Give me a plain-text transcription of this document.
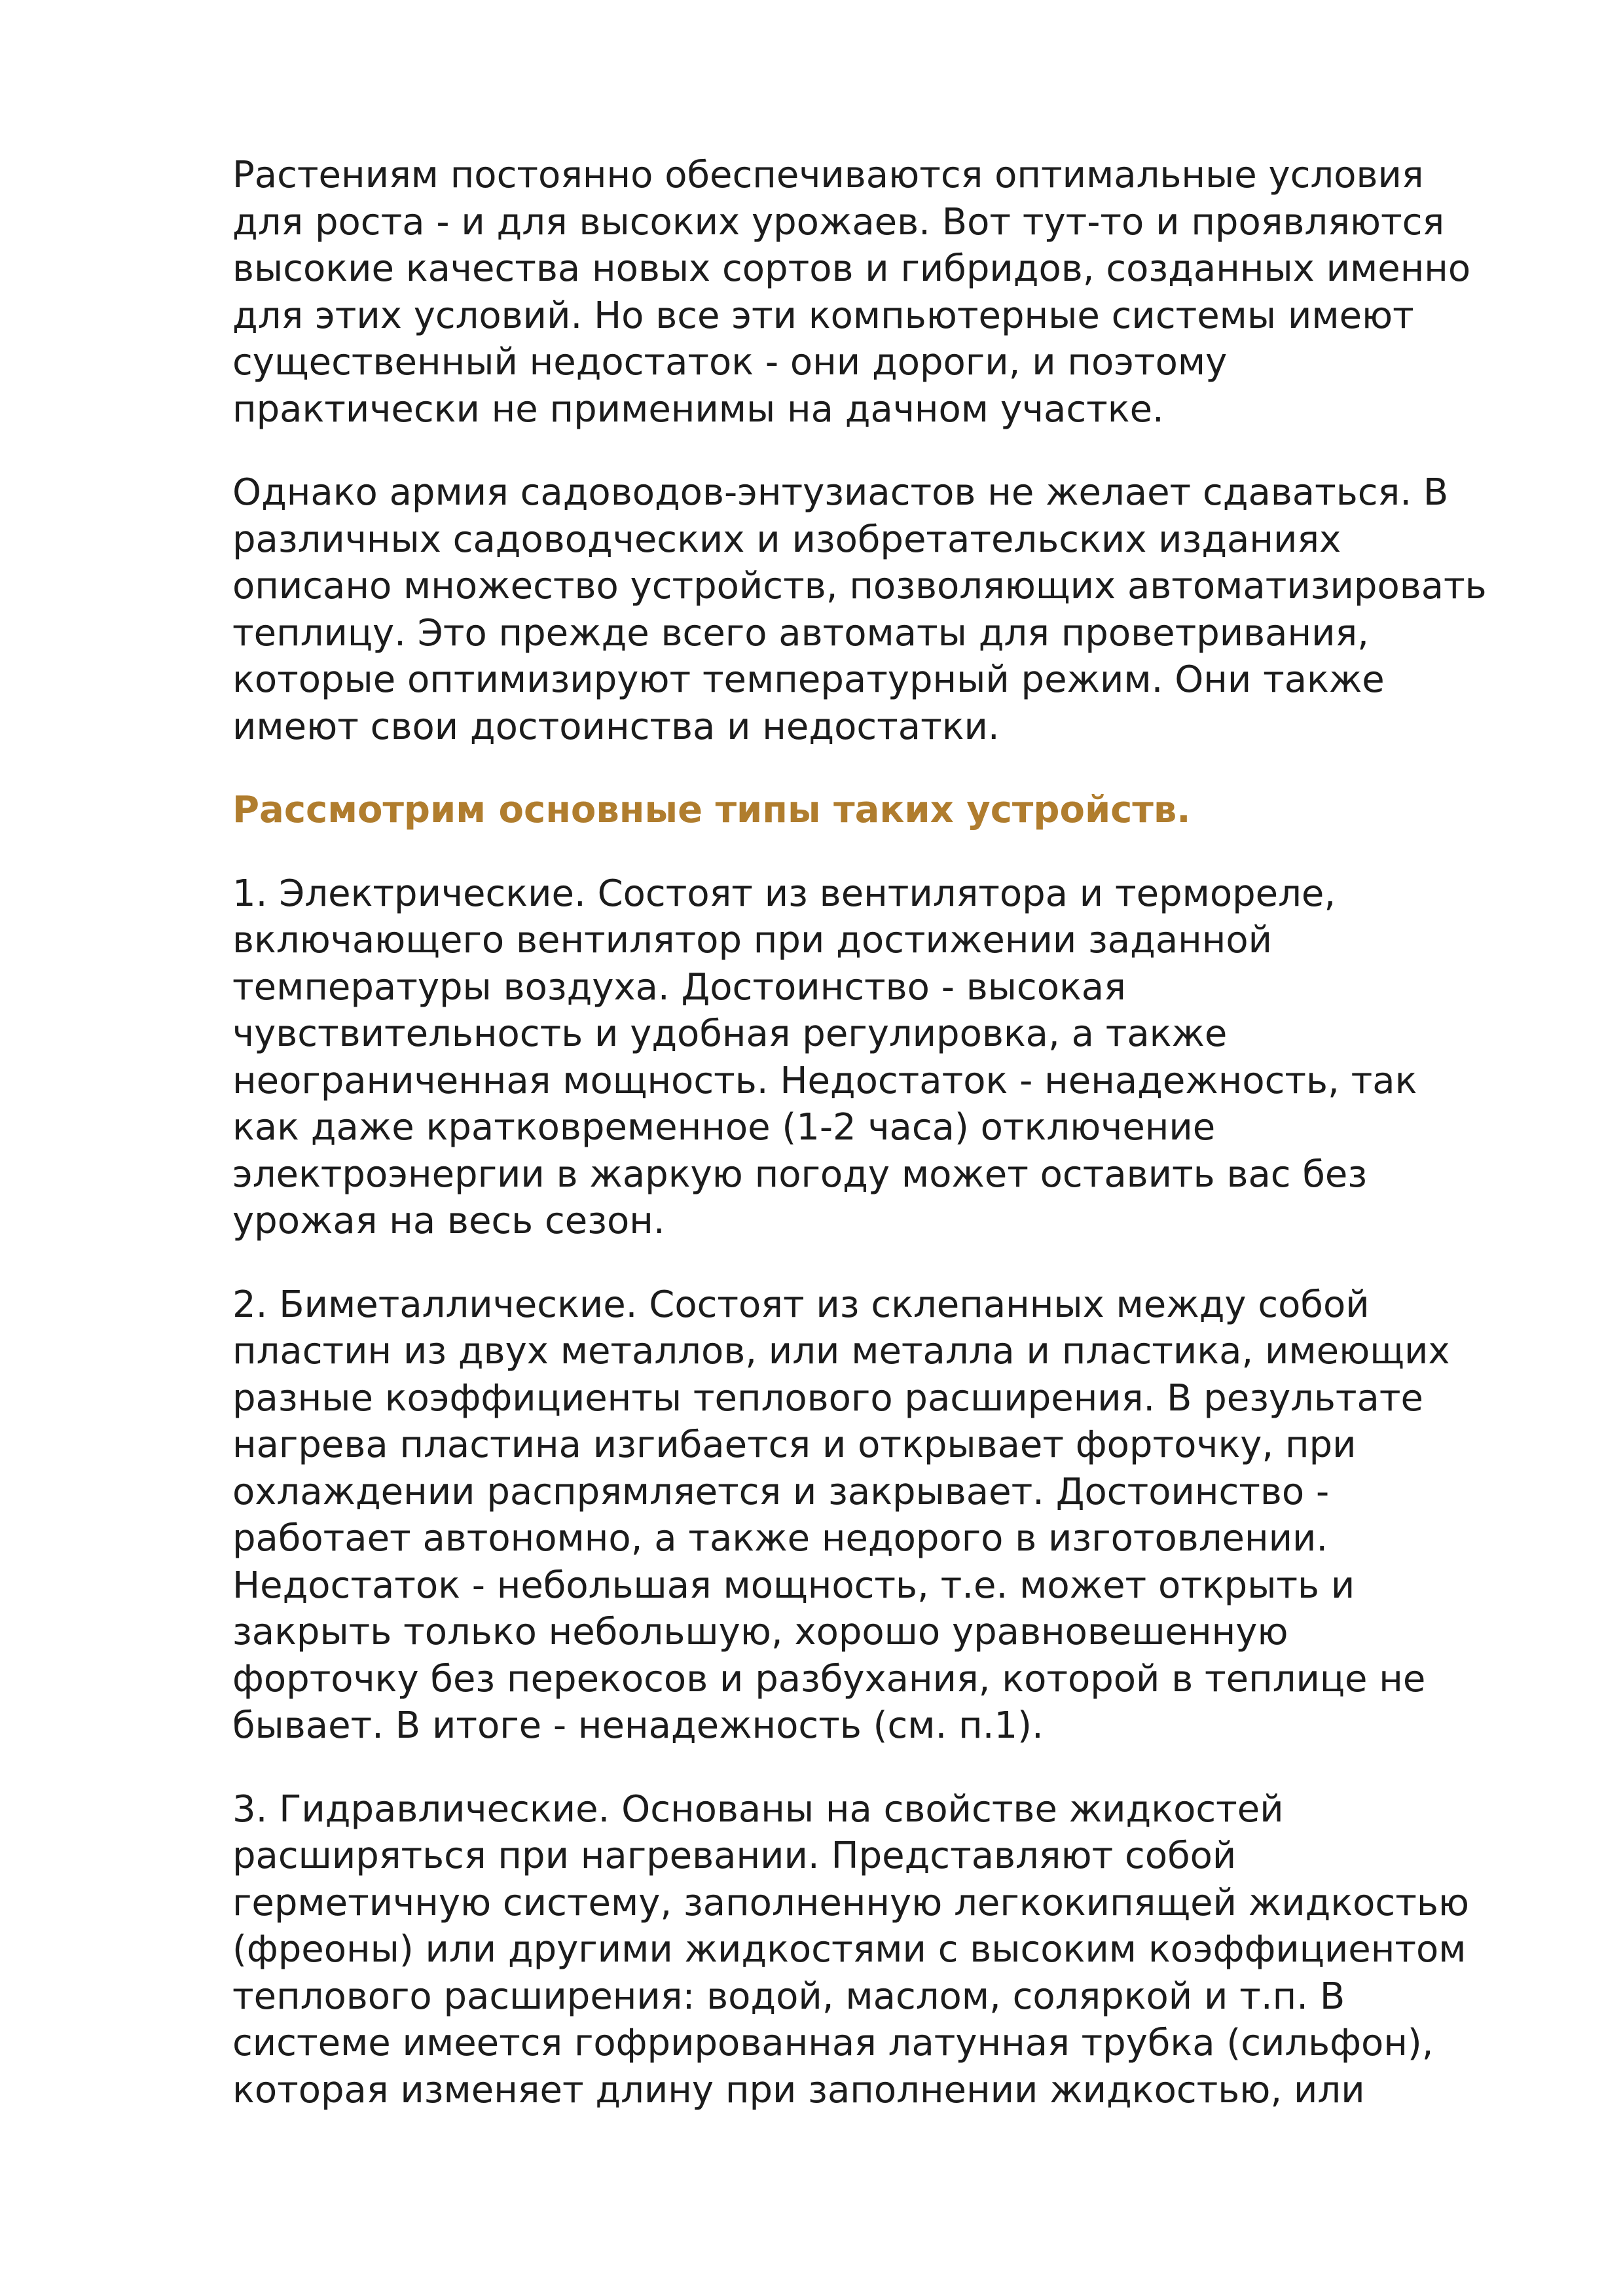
Растениям постоянно обеспечиваются оптимальные условия
для роста - и для высоких урожаев. Вот тут-то и проявляются
высокие качества новых сортов и гибридов, созданных именно
для этих условий. Но все эти компьютерные системы имеют
существенный недостаток - они дороги, и поэтому
практически не применимы на дачном участке.
Однако армия садоводов-энтузиастов не желает сдаваться. В
различных садоводческих и изобретательских изданиях
описано множество устройств, позволяющих автоматизировать
теплицу. Это прежде всего автоматы для проветривания,
которые оптимизируют температурный режим. Они также
имеют свои достоинства и недостатки.
Рассмотрим основные типы таких устройств.
1. Электрические. Состоят из вентилятора и термореле,
включающего вентилятор при достижении заданной
температуры воздуха. Достоинство - высокая
чувствительность и удобная регулировка, а также
неограниченная мощность. Недостаток - ненадежность, так
как даже кратковременное (1-2 часа) отключение
электроэнергии в жаркую погоду может оставить вас без
урожая на весь сезон.
2. Биметаллические. Состоят из склепанных между собой
пластин из двух металлов, или металла и пластика, имеющих
разные коэффициенты теплового расширения. В результате
нагрева пластина изгибается и открывает форточку, при
охлаждении распрямляется и закрывает. Достоинство -
работает автономно, а также недорого в изготовлении.
Недостаток - небольшая мощность, т.е. может открыть и
закрыть только небольшую, хорошо уравновешенную
форточку без перекосов и разбухания, которой в теплице не
бывает. В итоге - ненадежность (см. п.1).
3. Гидравлические. Основаны на свойстве жидкостей
расширяться при нагревании. Представляют собой
герметичную систему, заполненную легкокипящей жидкостью
(фреоны) или другими жидкостями с высоким коэффициентом
теплового расширения: водой, маслом, соляркой и т.п. В
системе имеется гофрированная латунная трубка (сильфон),
которая изменяет длину при заполнении жидкостью, или
